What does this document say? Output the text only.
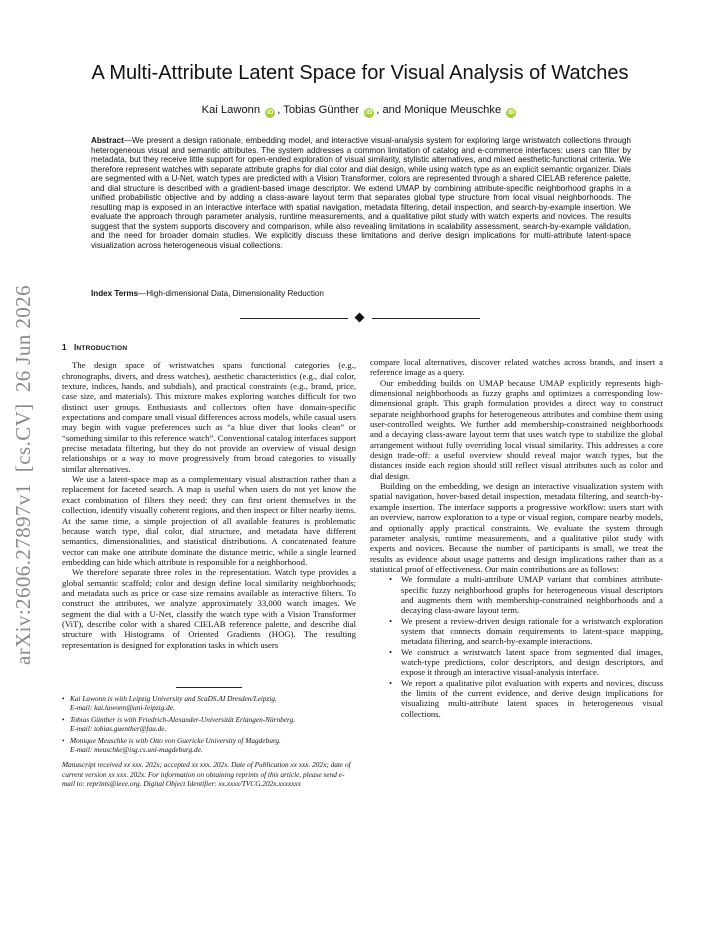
arXiv:2606.27897v1  [cs.CV]  26 Jun 2026
A Multi-Attribute Latent Space for Visual Analysis of Watches
Kai Lawonn iD , Tobias Günther iD , and Monique Meuschke iD
Abstract—We present a design rationale, embedding model, and interactive visual-analysis system for exploring large wristwatch collections through heterogeneous visual and semantic attributes. The system addresses a common limitation of catalog and e-commerce interfaces: users can filter by metadata, but they receive little support for open-ended exploration of visual similarity, stylistic alternatives, and mixed aesthetic-functional criteria. We therefore represent watches with separate attribute graphs for dial color and dial design, while using watch type as an explicit semantic organizer. Dials are segmented with a U-Net, watch types are predicted with a Vision Transformer, colors are represented through a shared CIELAB reference palette, and dial structure is described with a gradient-based image descriptor. We extend UMAP by combining attribute-specific neighborhood graphs in a unified probabilistic objective and by adding a class-aware layout term that separates global type structure from local visual neighborhoods. The resulting map is exposed in an interactive interface with spatial navigation, metadata filtering, detail inspection, and search-by-example insertion. We evaluate the approach through parameter analysis, runtime measurements, and a qualitative pilot study with watch experts and novices. The results suggest that the system supports discovery and comparison, while also revealing limitations in scalability assessment, search-by-example validation, and the need for broader domain studies. We explicitly discuss these limitations and derive design implications for multi-attribute latent-space visualization across heterogeneous visual collections.
Index Terms—High-dimensional Data, Dimensionality Reduction
1 INTRODUCTION

The design space of wristwatches spans functional categories (e.g., chronographs, divers, and dress watches), aesthetic characteristics (e.g., dial color, texture, indices, hands, and subdials), and practical constraints (e.g., brand, price, case size, and materials). This mixture makes exploring watches difficult for two distinct user groups. Enthusiasts and collectors often have domain-specific expectations and compare small visual differences across models, while casual users may begin with vague preferences such as “a blue diver that looks clean” or “something similar to this reference watch”. Conventional catalog interfaces support precise metadata filtering, but they do not provide an overview of visual design relationships or a way to move progressively from broad categories to visually similar alternatives.

We use a latent-space map as a complementary visual abstraction rather than a replacement for faceted search. A map is useful when users do not yet know the exact combination of filters they need: they can first orient themselves in the collection, identify visually coherent regions, and then inspect or filter nearby items. At the same time, a simple projection of all available features is problematic because watch type, dial color, dial structure, and metadata have different semantics, dimensionalities, and statistical distributions. A concatenated feature vector can make one attribute dominate the distance metric, while a single learned embedding can hide which attribute is responsible for a neighborhood.

We therefore separate three roles in the representation. Watch type provides a global semantic scaffold; color and design define local similarity neighborhoods; and metadata such as price or case size remains available as interactive filters. To construct the attributes, we analyze approximately 33,000 watch images. We segment the dial with a U-Net, classify the watch type with a Vision Transformer (ViT), describe color with a shared CIELAB reference palette, and describe dial structure with Histograms of Oriented Gradients (HOG). The resulting representation is designed for exploration tasks in which users

compare local alternatives, discover related watches across brands, and insert a reference image as a query.

Our embedding builds on UMAP because UMAP explicitly represents high-dimensional neighborhoods as fuzzy graphs and optimizes a corresponding low-dimensional graph. This graph formulation provides a direct way to construct separate neighborhood graphs for heterogeneous attributes and combine them using user-controlled weights. We further add membership-constrained neighborhoods and a decaying class-aware layout term that uses watch type to stabilize the global arrangement without fully overriding local visual similarity. This addresses a core design trade-off: a useful overview should reveal major watch types, but the distances inside each region should still reflect visual attributes such as color and dial design.

Building on the embedding, we design an interactive visualization system with spatial navigation, hover-based detail inspection, metadata filtering, and search-by-example insertion. The interface supports a progressive workflow: users start with an overview, narrow exploration to a type or visual region, compare nearby models, and optionally apply practical constraints. We evaluate the system through parameter analysis, runtime measurements, and a qualitative pilot study with experts and novices. Because the number of participants is small, we treat the results as evidence about usage patterns and design implications rather than as a statistical proof of effectiveness. Our main contributions are as follows:

• We formulate a multi-attribute UMAP variant that combines attribute-specific fuzzy neighborhood graphs for heterogeneous visual descriptors and augments them with membership-constrained neighborhoods and a decaying class-aware layout term.
• We present a review-driven design rationale for a wristwatch exploration system that connects domain requirements to latent-space mapping, metadata filtering, and search-by-example interactions.
• We construct a wristwatch latent space from segmented dial images, watch-type predictions, color descriptors, and design descriptors, and expose it through an interactive visual-analysis interface.
• We report a qualitative pilot evaluation with experts and novices, discuss the limits of the current evidence, and derive design implications for visualizing multi-attribute latent spaces in heterogeneous visual collections.
• Kai Lawonn is with Leipzig University and ScaDS.AI Dresden/Leipzig.
E-mail: kai.lawonn@uni-leipzig.de.
• Tobias Günther is with Friedrich-Alexander-Universität Erlangen-Nürnberg.
E-mail: tobias.guenther@fau.de.
• Monique Meuschke is with Otto von Guericke University of Magdeburg.
E-mail: meuschke@isg.cs.uni-magdeburg.de.
Manuscript received xx xxx. 202x; accepted xx xxx. 202x. Date of Publication xx xxx. 202x; date of current version xx xxx. 202x. For information on obtaining reprints of this article, please send e-mail to: reprints@ieee.org. Digital Object Identifier: xx.xxxx/TVCG.202x.xxxxxxx
